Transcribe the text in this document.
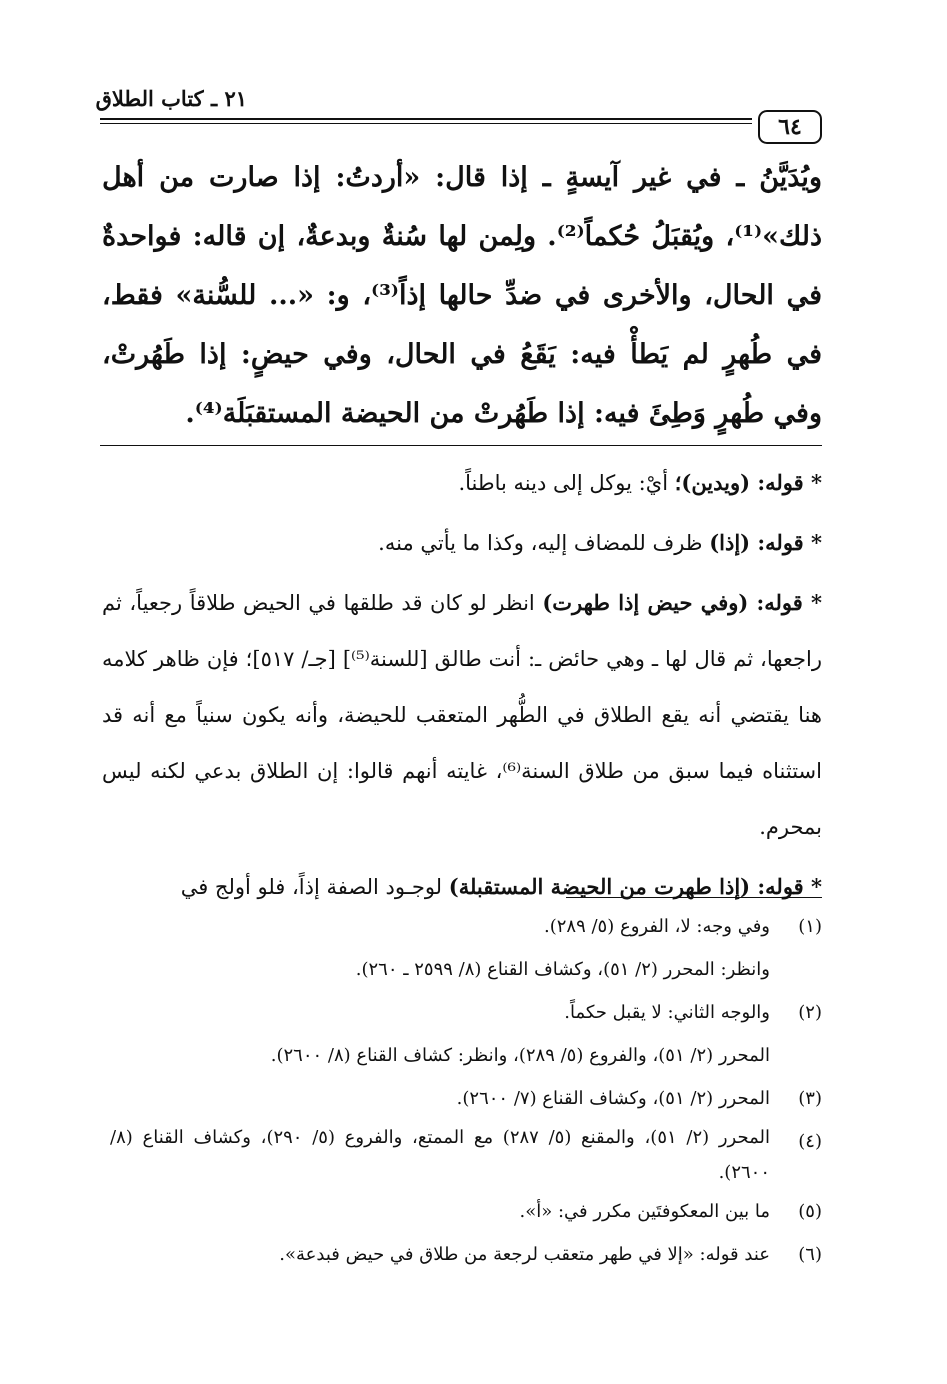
٢١ ـ كتاب الطلاق
٦٤
ويُدَيَّنُ ـ في غير آيسةٍ ـ إذا قال: «أردتُ: إذا صارت من أهل ذلك»⁽¹⁾، ويُقبَلُ حُكماً⁽²⁾. ولِمن لها سُنةٌ وبدعةٌ، إن قاله: فواحدةٌ في الحال، والأخرى في ضدِّ حالها إذاً⁽³⁾، و: «... للسُّنة» فقط، في طُهرٍ لم يَطأْ فيه: يَقَعُ في الحال، وفي حيضٍ: إذا طَهُرتْ، وفي طُهرٍ وَطِئَ فيه: إذا طَهُرتْ من الحيضة المستقبَلَة⁽⁴⁾.

* قوله: (ويدين)؛ أيْ: يوكل إلى دينه باطناً.

* قوله: (إذا) ظرف للمضاف إليه، وكذا ما يأتي منه.

* قوله: (وفي حيض إذا طهرت) انظر لو كان قد طلقها في الحيض طلاقاً رجعياً، ثم راجعها، ثم قال لها ـ وهي حائض ـ: أنت طالق [للسنة⁽⁵⁾] [جـ/ ٥١٧]؛ فإن ظاهر كلامه هنا يقتضي أنه يقع الطلاق في الطُّهر المتعقب للحيضة، وأنه يكون سنياً مع أنه قد استثناه فيما سبق من طلاق السنة⁽⁶⁾، غايته أنهم قالوا: إن الطلاق بدعي لكنه ليس بمحرم.

* قوله: (إذا طهرت من الحيضة المستقبلة) لوجـود الصفة إذاً، فلو أولج في

(١)
وفي وجه: لا، الفروع (٥/ ٢٨٩).
وانظر: المحرر (٢/ ٥١)، وكشاف القناع (٨/ ٢٥٩٩ ـ ٢٦٠).
(٢)
والوجه الثاني: لا يقبل حكماً.
المحرر (٢/ ٥١)، والفروع (٥/ ٢٨٩)، وانظر: كشاف القناع (٨/ ٢٦٠٠).
(٣)
المحرر (٢/ ٥١)، وكشاف القناع (٧/ ٢٦٠٠).
(٤)
المحرر (٢/ ٥١)، والمقنع (٥/ ٢٨٧) مع الممتع، والفروع (٥/ ٢٩٠)، وكشاف القناع (٨/ ٢٦٠٠).
(٥)
ما بين المعكوفتَين مكرر في: «أ».
(٦)
عند قوله: «إلا في طهر متعقب لرجعة من طلاق في حيض فبدعة».
